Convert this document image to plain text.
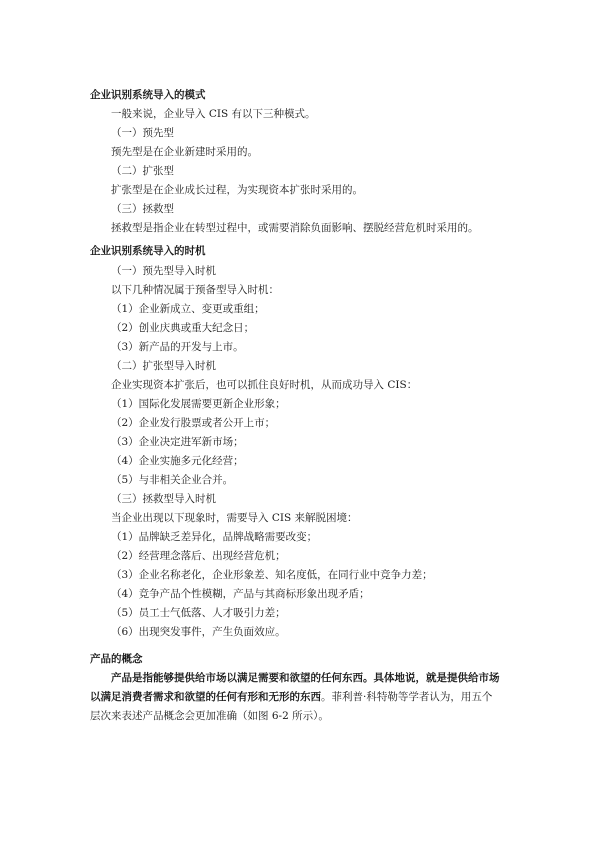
企业识别系统导入的模式
一般来说，企业导入 CIS 有以下三种模式。
（一）预先型
预先型是在企业新建时采用的。
（二）扩张型
扩张型是在企业成长过程，为实现资本扩张时采用的。
（三）拯救型
拯救型是指企业在转型过程中，或需要消除负面影响、摆脱经营危机时采用的。
企业识别系统导入的时机
（一）预先型导入时机
以下几种情况属于预备型导入时机：
（1）企业新成立、变更或重组；
（2）创业庆典或重大纪念日；
（3）新产品的开发与上市。
（二）扩张型导入时机
企业实现资本扩张后，也可以抓住良好时机，从而成功导入 CIS：
（1）国际化发展需要更新企业形象；
（2）企业发行股票或者公开上市；
（3）企业决定进军新市场；
（4）企业实施多元化经营；
（5）与非相关企业合并。
（三）拯救型导入时机
当企业出现以下现象时，需要导入 CIS 来解脱困境：
（1）品牌缺乏差异化，品牌战略需要改变；
（2）经营理念落后、出现经营危机；
（3）企业名称老化，企业形象差、知名度低，在同行业中竞争力差；
（4）竞争产品个性模糊，产品与其商标形象出现矛盾；
（5）员工士气低落、人才吸引力差；
（6）出现突发事件，产生负面效应。
产品的概念
产品是指能够提供给市场以满足需要和欲望的任何东西。具体地说，就是提供给市场
以满足消费者需求和欲望的任何有形和无形的东西。菲利普·科特勒等学者认为，用五个
层次来表述产品概念会更加准确（如图 6-2 所示）。
